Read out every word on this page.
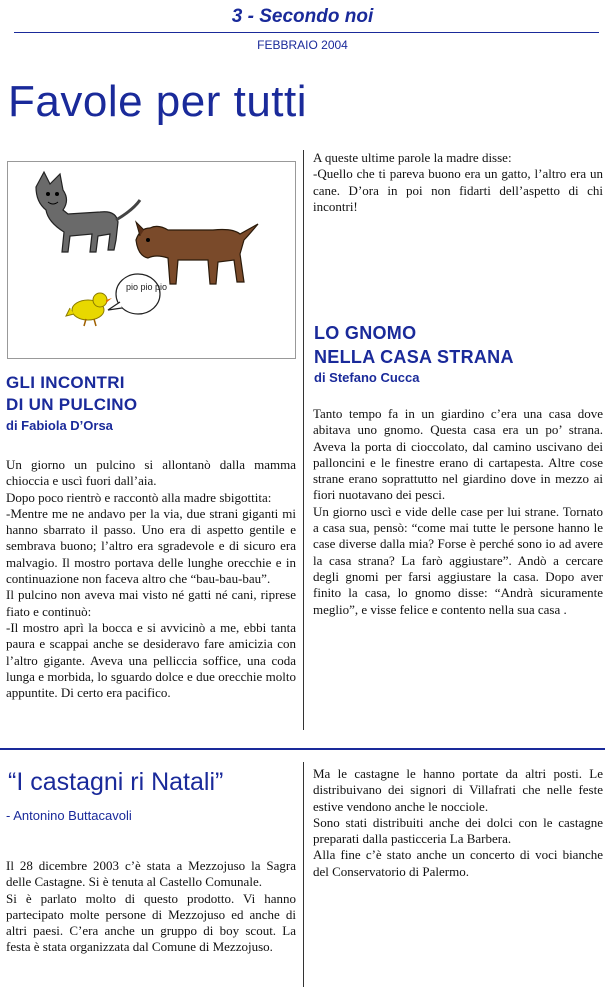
3 - Secondo noi
FEBBRAIO 2004
Favole per tutti
pio pio pio
GLI INCONTRI
DI UN PULCINO
di Fabiola D’Orsa

Un giorno un pulcino si allontanò dalla mamma chioccia e uscì fuori dall’aia.

Dopo poco rientrò e raccontò alla madre sbigottita:

-Mentre me ne andavo per la via, due strani giganti mi hanno sbarrato il passo. Uno era di aspetto gentile e sembrava buono; l’altro era sgradevole e di sicuro era malvagio. Il mostro portava delle lunghe orecchie e in continuazione non faceva altro che “bau-bau-bau”.

Il pulcino non aveva mai visto né gatti né cani, riprese fiato e continuò:

-Il mostro aprì la bocca e si avvicinò a me, ebbi tanta paura e scappai anche se desideravo fare amicizia con l’altro gigante. Aveva una pelliccia soffice, una coda lunga e morbida, lo sguardo dolce e due orecchie molto appuntite. Di certo era pacifico.

A queste ultime parole la madre disse:

-Quello che ti pareva buono era un gatto, l’altro era un cane. D’ora in poi non fidarti dell’aspetto di chi incontri!

LO GNOMO
NELLA CASA STRANA
di Stefano Cucca

Tanto tempo fa in un giardino c’era una casa dove abitava uno gnomo. Questa casa era un po’ strana. Aveva la porta di cioccolato, dal camino uscivano dei palloncini e le finestre erano di cartapesta. Altre cose strane erano soprattutto nel giardino dove in mezzo ai fiori nuotavano dei pesci.

Un giorno uscì e vide delle case per lui strane. Tornato a casa sua, pensò: “come mai tutte le persone hanno le case diverse dalla mia? Forse è perché sono io ad avere la casa strana? La farò aggiustare”. Andò a cercare degli gnomi per farsi aggiustare la casa. Dopo aver finito la casa, lo gnomo disse: “Andrà sicuramente meglio”, e visse felice e contento nella sua casa .

“I castagni ri Natali”
- Antonino Buttacavoli

Il 28 dicembre 2003 c’è stata a Mezzojuso la Sagra delle Castagne. Si è tenuta al Castello Comunale.

Si è parlato molto di questo prodotto. Vi hanno partecipato molte persone di Mezzojuso ed anche di altri paesi. C’era anche un gruppo di boy scout. La festa è stata organizzata dal Comune di Mezzojuso.

Ma le castagne le hanno portate da altri posti. Le distribuivano dei signori di Villafrati che nelle feste estive vendono anche le nocciole.

Sono stati distribuiti anche dei dolci con le castagne preparati dalla pasticceria La Barbera.

Alla fine c’è stato anche un concerto di voci bianche del Conservatorio di Palermo.
